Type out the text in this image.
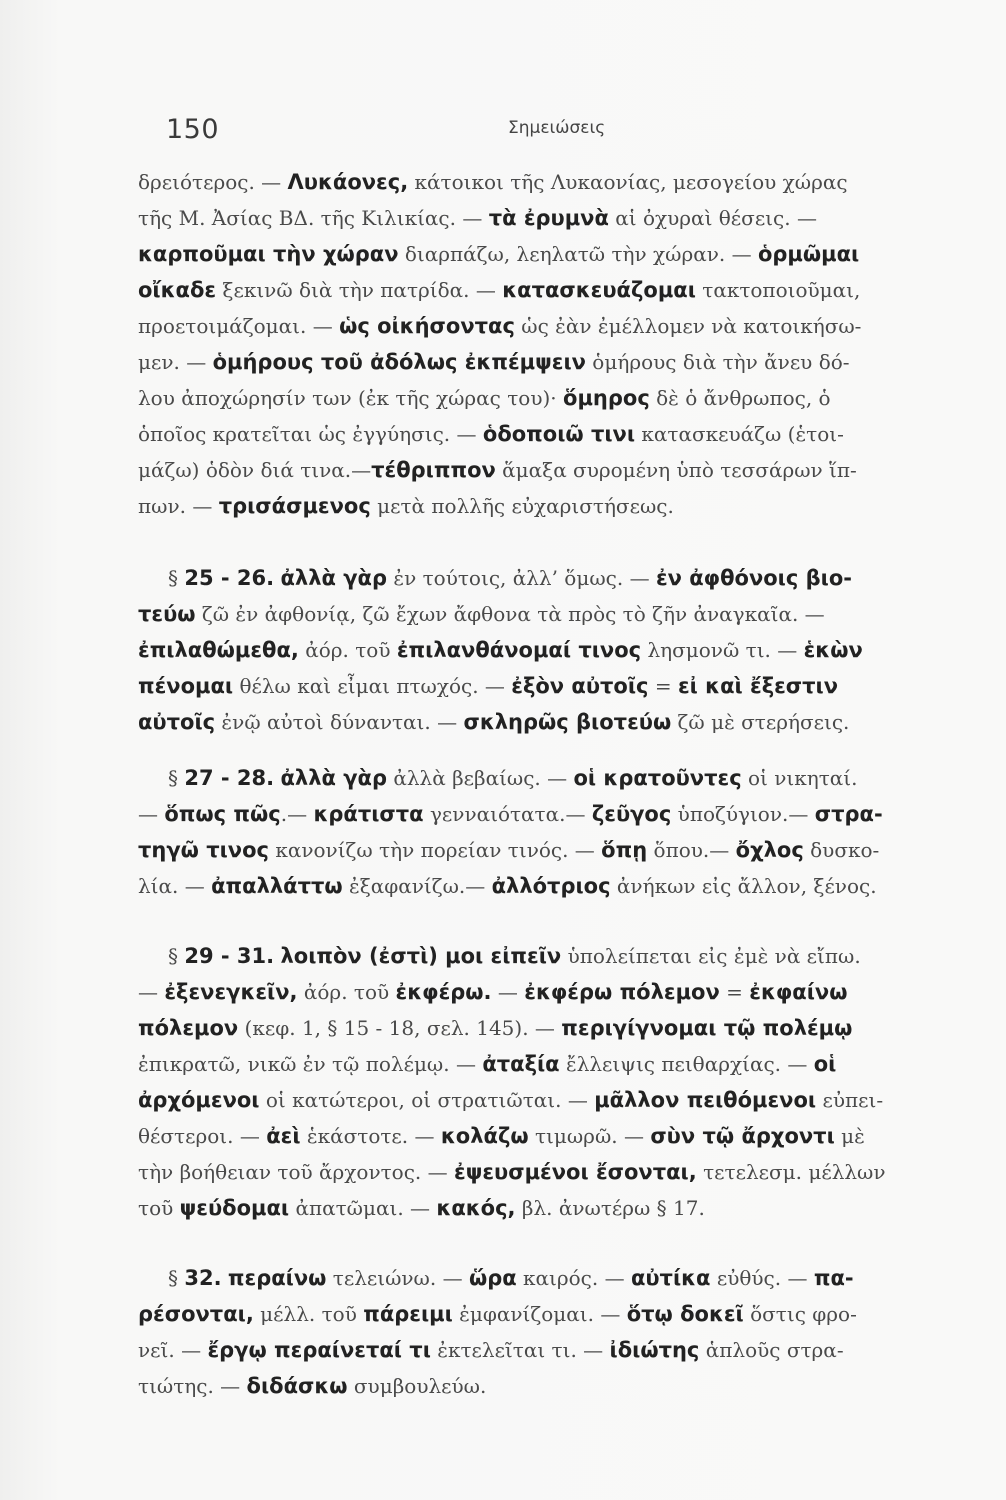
150	Σημειώσεις
δρειότερος. — Λυκάονες, κάτοικοι τῆς Λυκαονίας, μεσογείου χώρας
τῆς Μ. Ἀσίας ΒΔ. τῆς Κιλικίας. — τὰ ἐρυμνὰ αἱ ὀχυραὶ θέσεις. —
καρποῦμαι τὴν χώραν διαρπάζω, λεηλατῶ τὴν χώραν. — ὁρμῶμαι
οἴκαδε ξεκινῶ διὰ τὴν πατρίδα. — κατασκευάζομαι τακτοποιοῦμαι,
προετοιμάζομαι. — ὡς οἰκήσοντας ὡς ἐὰν ἐμέλλομεν νὰ κατοικήσω-
μεν. — ὁμήρους τοῦ ἀδόλως ἐκπέμψειν ὁμήρους διὰ τὴν ἄνευ δό-
λου ἀποχώρησίν των (ἐκ τῆς χώρας του)· ὅμηρος δὲ ὁ ἄνθρωπος, ὁ
ὁποῖος κρατεῖται ὡς ἐγγύησις. — ὁδοποιῶ τινι κατασκευάζω (ἑτοι-
μάζω) ὁδὸν διά τινα.—τέθριππον ἅμαξα συρομένη ὑπὸ τεσσάρων ἵπ-
πων. — τρισάσμενος μετὰ πολλῆς εὐχαριστήσεως.
§ 25 - 26. ἀλλὰ γὰρ ἐν τούτοις, ἀλλ’ ὅμως. — ἐν ἀφθόνοις βιο-
τεύω ζῶ ἐν ἀφθονίᾳ, ζῶ ἔχων ἄφθονα τὰ πρὸς τὸ ζῆν ἀναγκαῖα. —
ἐπιλαθώμεθα, ἀόρ. τοῦ ἐπιλανθάνομαί τινος λησμονῶ τι. — ἑκὼν
πένομαι θέλω καὶ εἶμαι πτωχός. — ἐξὸν αὐτοῖς = εἰ καὶ ἔξεστιν
αὐτοῖς ἐνῷ αὐτοὶ δύνανται. — σκληρῶς βιοτεύω ζῶ μὲ στερήσεις.
§ 27 - 28. ἀλλὰ γὰρ ἀλλὰ βεβαίως. — οἱ κρατοῦντες οἱ νικηταί.
— ὅπως πῶς.— κράτιστα γενναιότατα.— ζεῦγος ὑποζύγιον.— στρα-
τηγῶ τινος κανονίζω τὴν πορείαν τινός. — ὅπῃ ὅπου.— ὄχλος δυσκο-
λία. — ἀπαλλάττω ἐξαφανίζω.— ἀλλότριος ἀνήκων εἰς ἄλλον, ξένος.
§ 29 - 31. λοιπὸν (ἐστὶ) μοι εἰπεῖν ὑπολείπεται εἰς ἐμὲ νὰ εἴπω.
— ἐξενεγκεῖν, ἀόρ. τοῦ ἐκφέρω. — ἐκφέρω πόλεμον = ἐκφαίνω
πόλεμον (κεφ. 1, § 15 - 18, σελ. 145). — περιγίγνομαι τῷ πολέμῳ
ἐπικρατῶ, νικῶ ἐν τῷ πολέμῳ. — ἀταξία ἔλλειψις πειθαρχίας. — οἱ
ἀρχόμενοι οἱ κατώτεροι, οἱ στρατιῶται. — μᾶλλον πειθόμενοι εὐπει-
θέστεροι. — ἀεὶ ἑκάστοτε. — κολάζω τιμωρῶ. — σὺν τῷ ἄρχοντι μὲ
τὴν βοήθειαν τοῦ ἄρχοντος. — ἐψευσμένοι ἔσονται, τετελεσμ. μέλλων
τοῦ ψεύδομαι ἀπατῶμαι. — κακός, βλ. ἀνωτέρω § 17.
§ 32. περαίνω τελειώνω. — ὥρα καιρός. — αὐτίκα εὐθύς. — πα-
ρέσονται, μέλλ. τοῦ πάρειμι ἐμφανίζομαι. — ὅτῳ δοκεῖ ὅστις φρο-
νεῖ. — ἔργῳ περαίνεταί τι ἐκτελεῖται τι. — ἰδιώτης ἁπλοῦς στρα-
τιώτης. — διδάσκω συμβουλεύω.
